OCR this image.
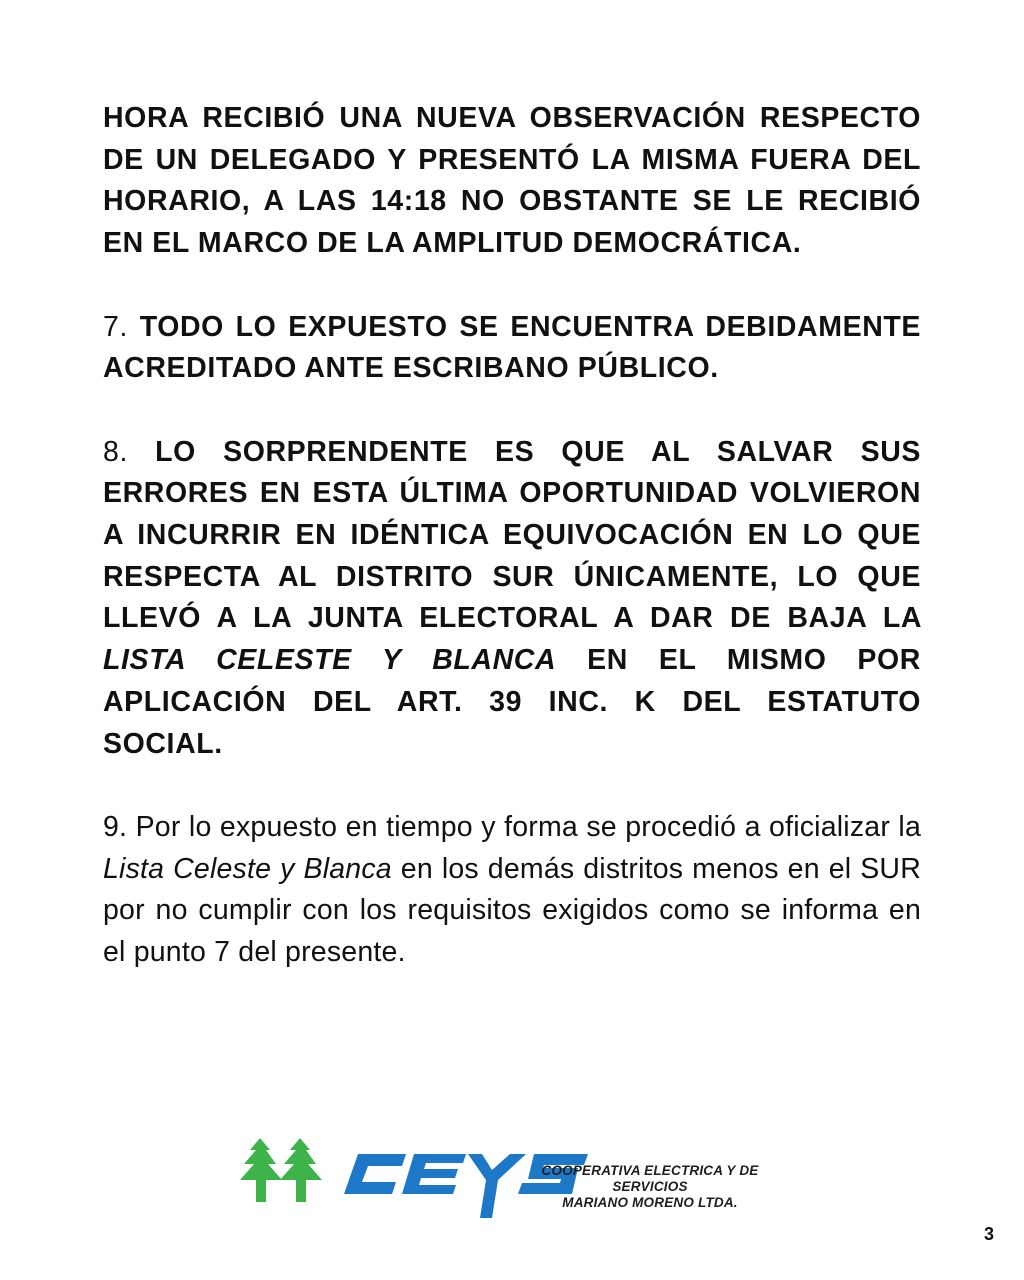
HORA RECIBIÓ UNA NUEVA OBSERVACIÓN RESPECTO DE UN DELEGADO Y PRESENTÓ LA MISMA FUERA DEL HORARIO, A LAS 14:18 NO OBSTANTE SE LE RECIBIÓ EN EL MARCO DE LA AMPLITUD DEMOCRÁTICA.

7. TODO LO EXPUESTO SE ENCUENTRA DEBIDAMENTE ACREDITADO ANTE ESCRIBANO PÚBLICO.

8. LO SORPRENDENTE ES QUE AL SALVAR SUS ERRORES EN ESTA ÚLTIMA OPORTUNIDAD VOLVIERON A INCURRIR EN IDÉNTICA EQUIVOCACIÓN EN LO QUE RESPECTA AL DISTRITO SUR ÚNICAMENTE, LO QUE LLEVÓ A LA JUNTA ELECTORAL A DAR DE BAJA LA LISTA CELESTE Y BLANCA EN EL MISMO POR APLICACIÓN DEL ART. 39 INC. K DEL ESTATUTO SOCIAL.

9. Por lo expuesto en tiempo y forma se procedió a oficializar la Lista Celeste y Blanca en los demás distritos menos en el SUR por no cumplir con los requisitos exigidos como se informa en el punto 7 del presente.

CEYS
COOPERATIVA ELECTRICA Y DE SERVICIOS
MARIANO MORENO LTDA.
3
